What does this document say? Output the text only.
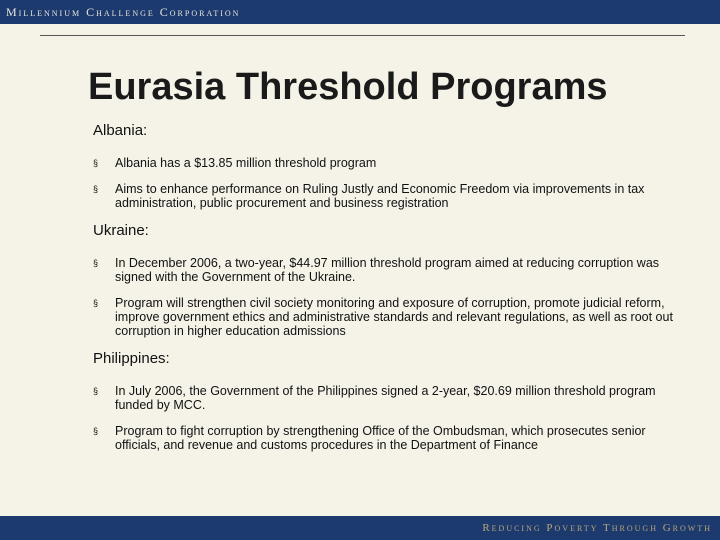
Millennium Challenge Corporation
Eurasia Threshold Programs
Albania:
§ Albania has a $13.85 million threshold program
§ Aims to enhance performance on Ruling Justly and Economic Freedom via improvements in tax administration, public procurement and business registration
Ukraine:
§ In December 2006, a two-year, $44.97 million threshold program aimed at reducing corruption was signed with the Government of the Ukraine.
§ Program will strengthen civil society monitoring and exposure of corruption, promote judicial reform, improve government ethics and administrative standards and relevant regulations, as well as root out corruption in higher education admissions
Philippines:
§ In July 2006, the Government of the Philippines signed a 2-year, $20.69 million threshold program funded by MCC.
§ Program to fight corruption by strengthening Office of the Ombudsman, which prosecutes senior officials, and revenue and customs procedures in the Department of Finance
Reducing Poverty Through Growth
